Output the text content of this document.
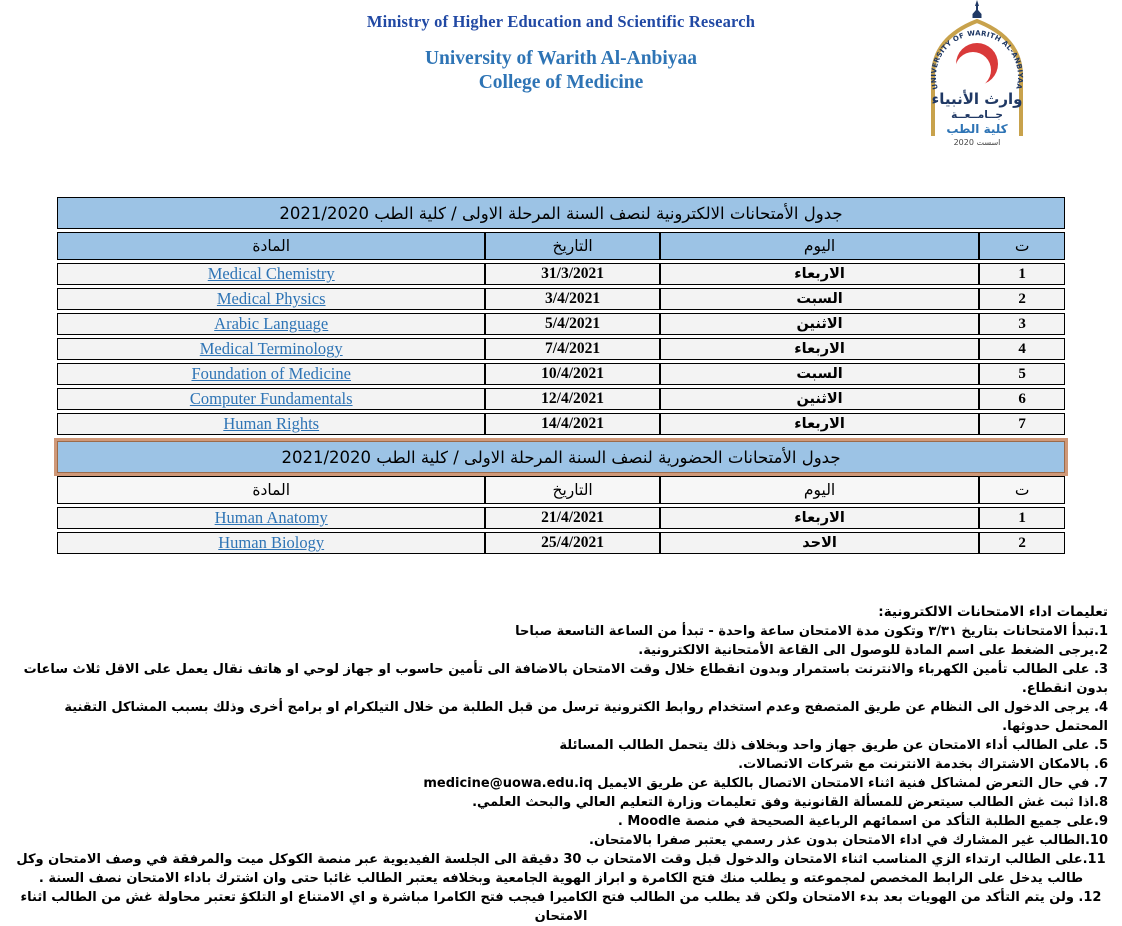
Ministry of Higher Education and Scientific Research
University of Warith Al-Anbiyaa
College of Medicine	UNIVERSITY OF WARITH AL-ANBIYAA
وارث الأنبياء
جــامــعــة
كلية الطب
اسست 2020
جدول الأمتحانات الالكترونية لنصف السنة المرحلة الاولى / كلية الطب 2021/2020			
ت	اليوم	التاريخ	المادة
1	الاربعاء	31/3/2021	Medical Chemistry
2	السبت	3/4/2021	Medical Physics
3	الاثنين	5/4/2021	Arabic Language
4	الاربعاء	7/4/2021	Medical Terminology
5	السبت	10/4/2021	Foundation of Medicine
6	الاثنين	12/4/2021	Computer Fundamentals
7	الاربعاء	14/4/2021	Human Rights
جدول الأمتحانات الحضورية لنصف السنة المرحلة الاولى / كلية الطب 2021/2020			
ت	اليوم	التاريخ	المادة
1	الاربعاء	21/4/2021	Human Anatomy
2	الاحد	25/4/2021	Human Biology
تعليمات اداء الامتحانات الالكترونية:
1.تبدأ الامتحانات بتاريخ ٣/٣١ وتكون مدة الامتحان ساعة واحدة - تبدأ من الساعة التاسعة صباحا
2.يرجى الضغط على اسم المادة للوصول الى القاعة الأمتحانية الالكترونية.
3. على الطالب تأمين الكهرباء والانترنت باستمرار وبدون انقطاع خلال وقت الامتحان بالاضافة الى تأمين حاسوب او جهاز لوحي او هاتف نقال يعمل على الاقل ثلاث ساعات بدون انقطاع.
4. يرجى الدخول الى النظام عن طريق المتصفح وعدم استخدام روابط الكترونية ترسل من قبل الطلبة من خلال التيلكرام او برامج أخرى وذلك بسبب المشاكل التقنية المحتمل حدوثها.
5. على الطالب أداء الامتحان عن طريق جهاز واحد وبخلاف ذلك يتحمل الطالب المسائلة
6. بالامكان الاشتراك بخدمة الانترنت مع شركات الاتصالات.
7. في حال التعرض لمشاكل فنية اثناء الامتحان الاتصال بالكلية عن طريق الايميل medicine@uowa.edu.iq
8.اذا ثبت غش الطالب سيتعرض للمسألة القانونية وفق تعليمات وزارة التعليم العالي والبحث العلمي.
9.على جميع الطلبة التأكد من اسمائهم الرباعية الصحيحة في منصة Moodle .
10.الطالب غير المشارك في اداء الامتحان بدون عذر رسمي يعتبر صفرا بالامتحان.
11.على الطالب ارتداء الزي المناسب اثناء الامتحان والدخول قبل وقت الامتحان ب 30 دقيقة الى الجلسة الفيديوية عبر منصة الكوكل ميت والمرفقة في وصف الامتحان وكل طالب يدخل على الرابط المخصص لمجموعته و يطلب منك فتح الكامرة و ابراز الهوية الجامعية وبخلافه يعتبر الطالب غائبا حتى وان اشترك باداء الامتحان نصف السنة .
12. ولن يتم التأكد من الهويات بعد بدء الامتحان ولكن قد يطلب من الطالب فتح الكاميرا فيجب فتح الكامرا مباشرة و اي الامتناع او التلكؤ تعتبر محاولة غش من الطالب اثناء الامتحان
